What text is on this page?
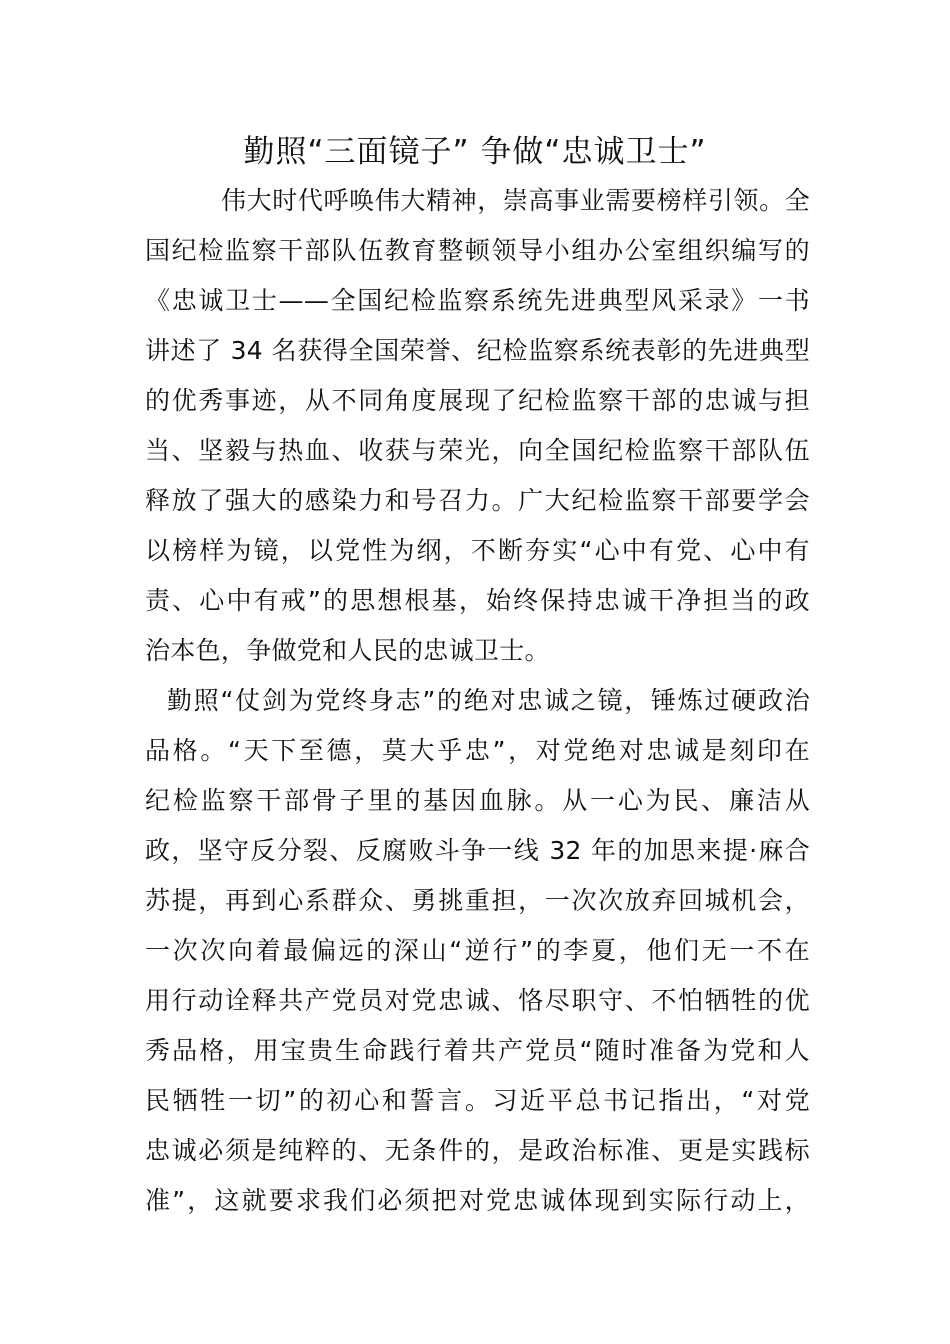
勤照“三面镜子” 争做“忠诚卫士”
伟大时代呼唤伟大精神，崇高事业需要榜样引领。全
国纪检监察干部队伍教育整顿领导小组办公室组织编写的
《忠诚卫士——全国纪检监察系统先进典型风采录》一书
讲述了 34 名获得全国荣誉、纪检监察系统表彰的先进典型
的优秀事迹，从不同角度展现了纪检监察干部的忠诚与担
当、坚毅与热血、收获与荣光，向全国纪检监察干部队伍
释放了强大的感染力和号召力。广大纪检监察干部要学会
以榜样为镜，以党性为纲，不断夯实“心中有党、心中有
责、心中有戒”的思想根基，始终保持忠诚干净担当的政
治本色，争做党和人民的忠诚卫士。
勤照“仗剑为党终身志”的绝对忠诚之镜，锤炼过硬政治
品格。“天下至德，莫大乎忠”，对党绝对忠诚是刻印在
纪检监察干部骨子里的基因血脉。从一心为民、廉洁从
政，坚守反分裂、反腐败斗争一线 32 年的加思来提·麻合
苏提，再到心系群众、勇挑重担，一次次放弃回城机会，
一次次向着最偏远的深山“逆行”的李夏，他们无一不在
用行动诠释共产党员对党忠诚、恪尽职守、不怕牺牲的优
秀品格，用宝贵生命践行着共产党员“随时准备为党和人
民牺牲一切”的初心和誓言。习近平总书记指出，“对党
忠诚必须是纯粹的、无条件的，是政治标准、更是实践标
准”，这就要求我们必须把对党忠诚体现到实际行动上，
